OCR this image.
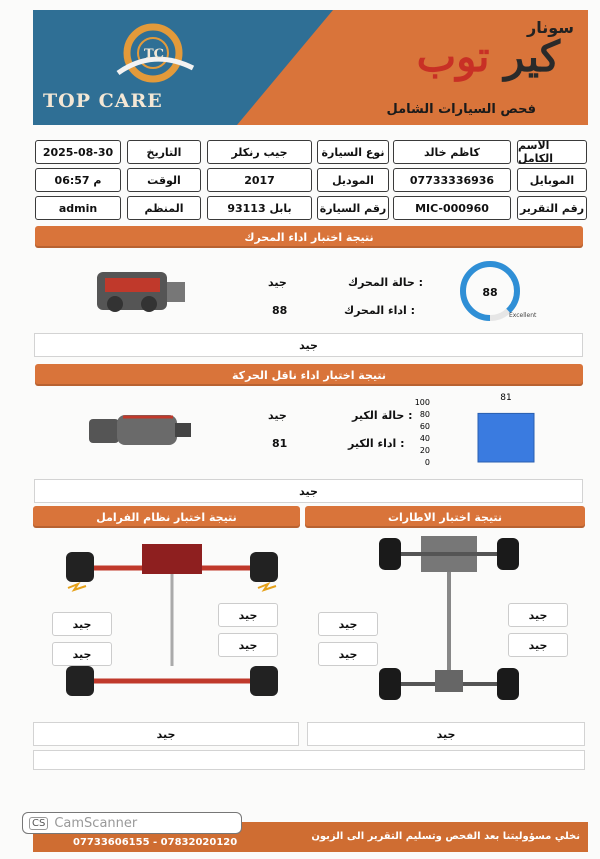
TC
TOP CARE
سونار
كير توب
فحص السيارات الشامل
كاظم خالد	الاسم الكامل
جيب رنكلر	نوع السيارة
2025-08-30	التاريخ
07733336936	الموبايل
2017	الموديل
06:57 م	الوقت
MIC-000960	رقم التقرير
بابل 93113	رقم السيارة
admin	المنظم
نتيجة اختبار اداء المحرك
حالة المحرك :
جيد
اداء المحرك :
88
88
Excellent
جيد
نتيجة اختبار اداء ناقل الحركة
حالة الكير :
جيد
اداء الكير :
81
100
80
60
40
20
0
81
جيد
نتيجة اختبار نظام الفرامل
جيد
جيد
جيد
جيد
جيد
نتيجة اختبار الاطارات
جيد
جيد
جيد
جيد
جيد
نخلي مسؤوليتنا بعد الفحص وتسليم التقرير الى الزبون
07733606155 - 07832020120
CS CamScanner
